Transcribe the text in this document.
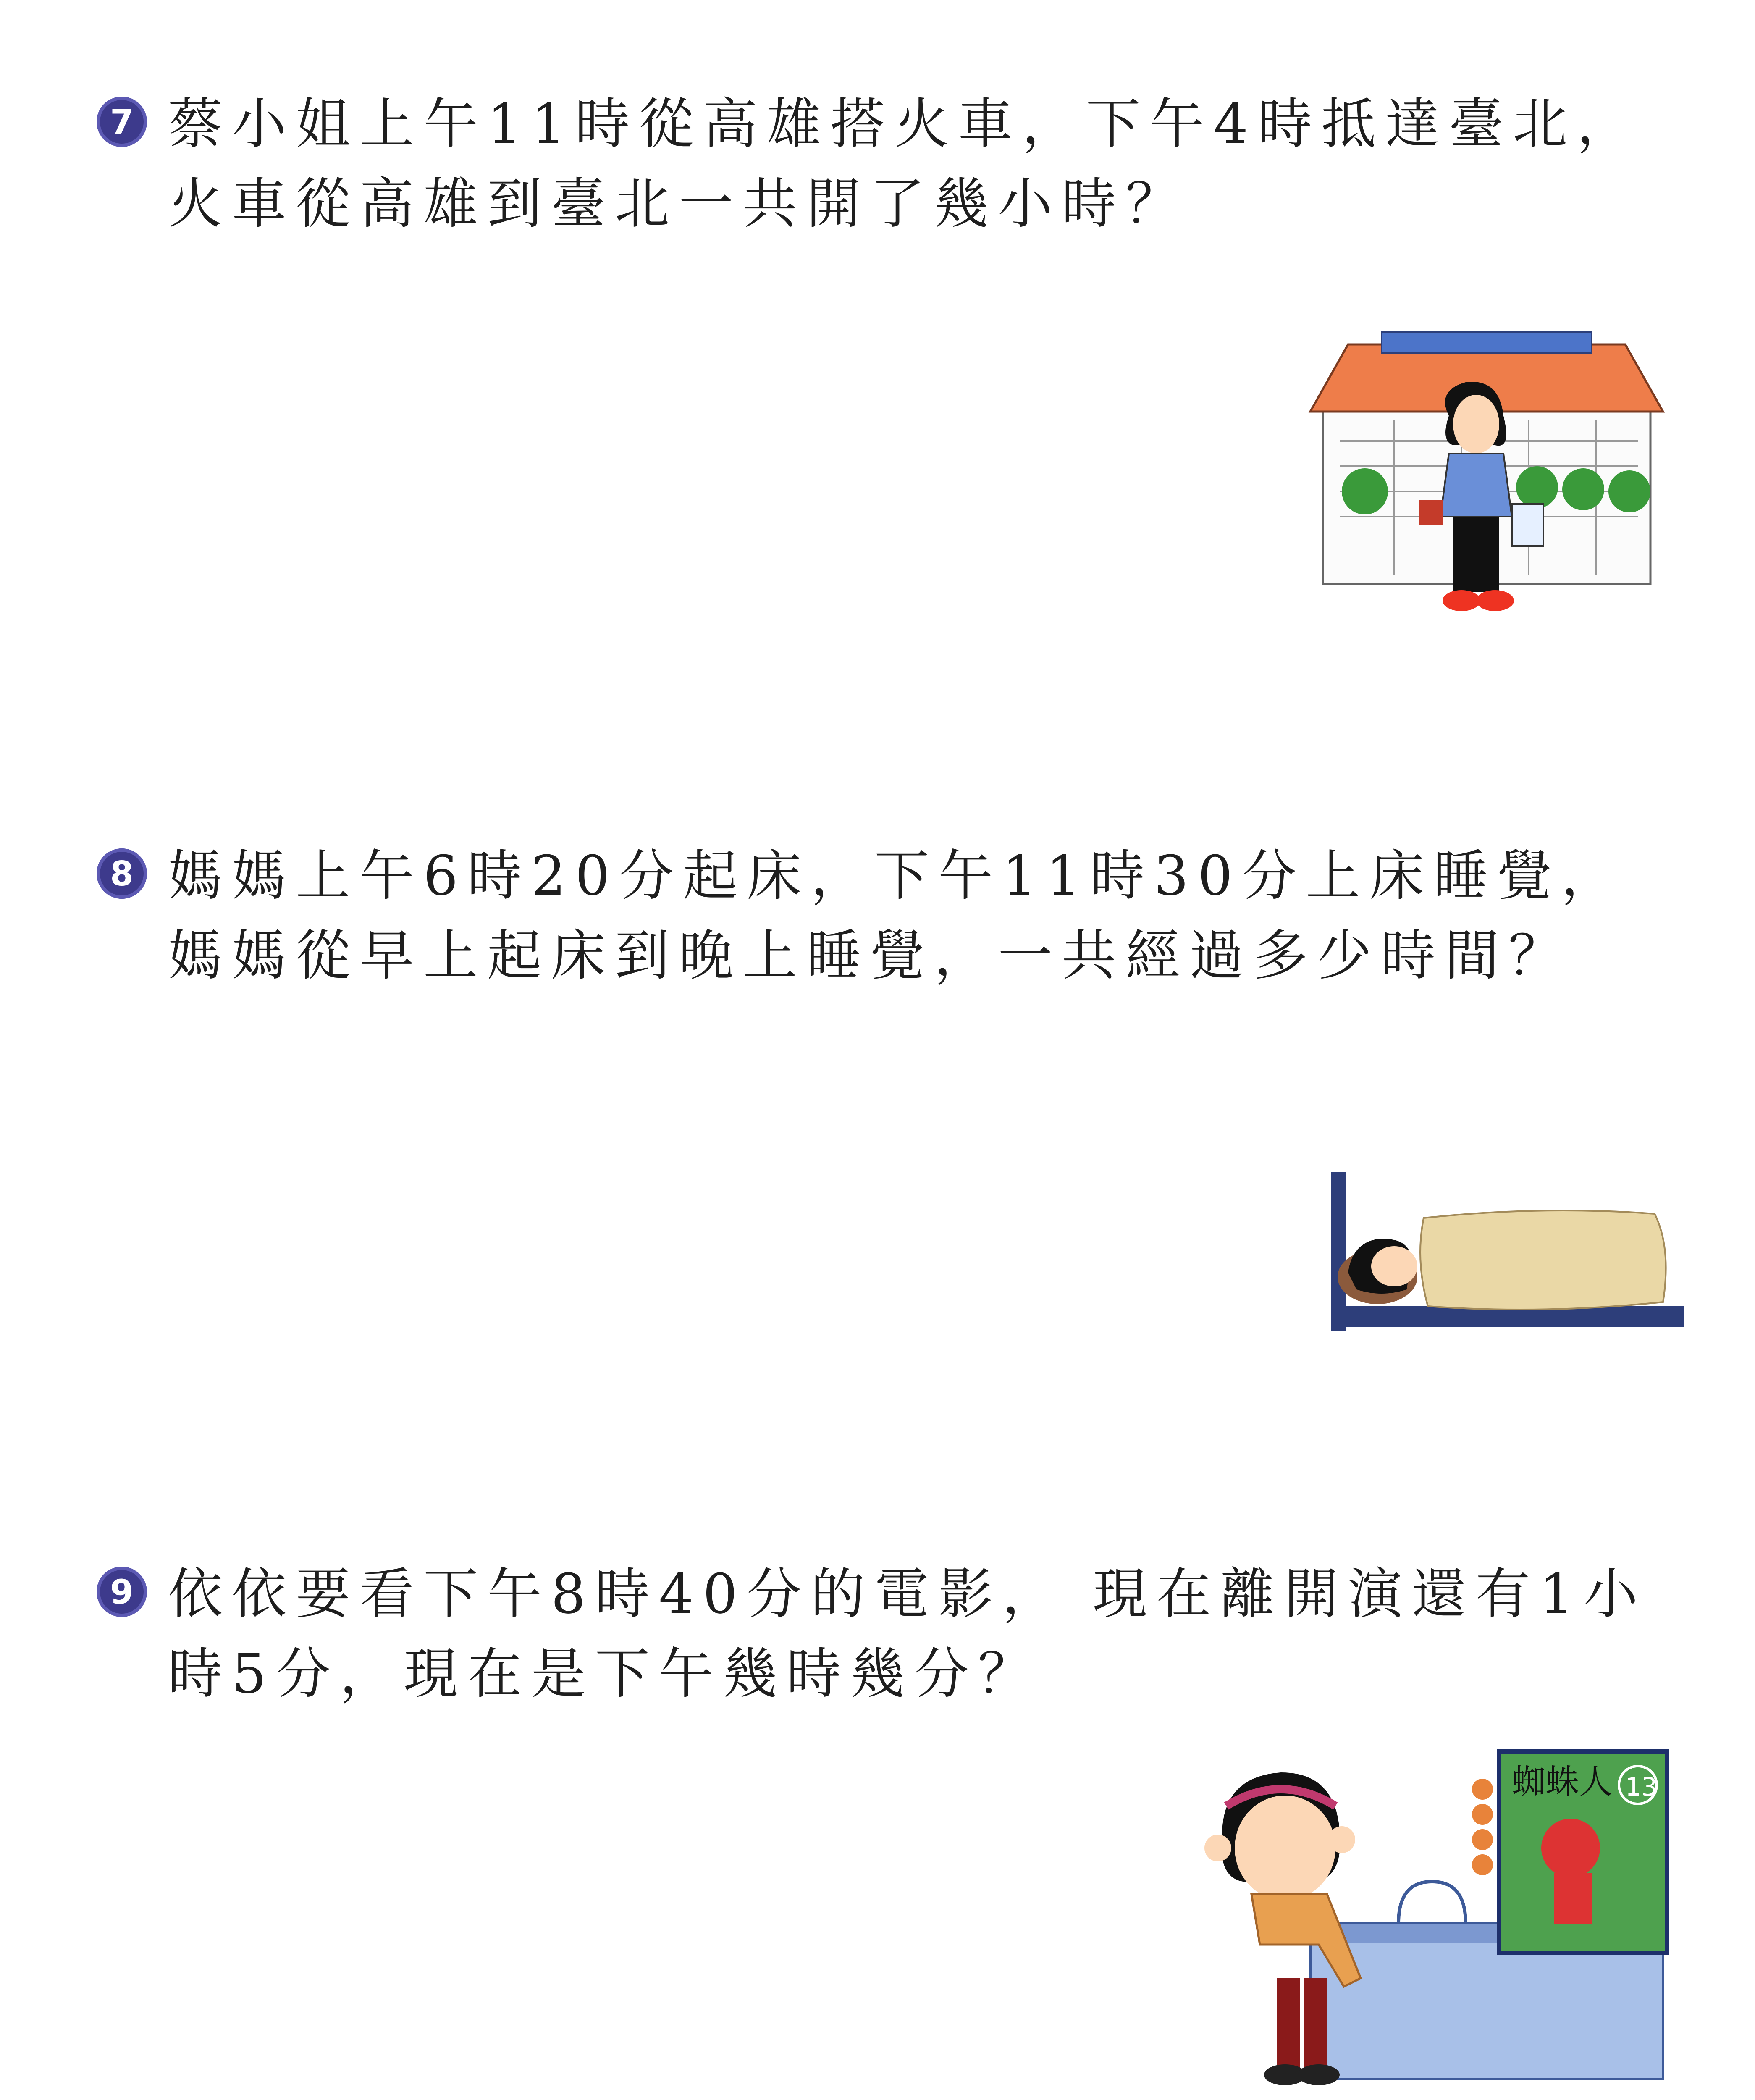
7 蔡小姐上午11時從高雄搭火車，下午4時抵達臺北，火車從高雄到臺北一共開了幾小時？
8 媽媽上午6時20分起床，下午11時30分上床睡覺，媽媽從早上起床到晚上睡覺，一共經過多少時間？
9 依依要看下午8時40分的電影， 現在離開演還有1小時5分，現在是下午幾時幾分？
蜘蛛人 13
